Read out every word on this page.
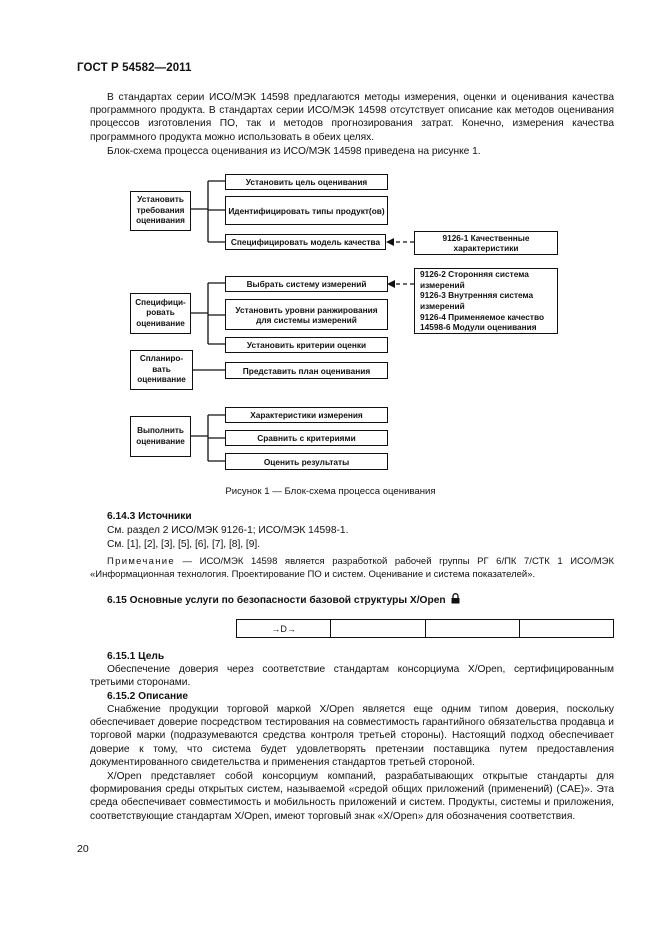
ГОСТ Р 54582—2011
В стандартах серии ИСО/МЭК 14598 предлагаются методы измерения, оценки и оценивания качества программного продукта. В стандартах серии ИСО/МЭК 14598 отсутствует описание как методов оценивания процессов изготовления ПО, так и методов прогнозирования затрат. Конечно, измерения качества программного продукта можно использовать в обеих целях.
Блок-схема процесса оценивания из ИСО/МЭК 14598 приведена на рисунке 1.
Установить требования оценивания
Специфици-ровать оценивание
Спланиро-вать оценивание
Выполнить оценивание
Установить цель оценивания
Идентифицировать типы продукт(ов)
Специфицировать модель качества
Выбрать систему измерений
Установить уровни ранжирования для системы измерений
Установить критерии оценки
Представить план оценивания
Характеристики измерения
Сравнить с критериями
Оценить результаты
9126-1 Качественные характеристики
9126-2 Сторонняя система измерений
9126-3 Внутренняя система измерений
9126-4 Применяемое качество
14598-6 Модули оценивания
Рисунок 1 — Блок-схема процесса оценивания
6.14.3 Источники
См. раздел 2 ИСО/МЭК 9126-1; ИСО/МЭК 14598-1.
См. [1], [2], [3], [5], [6], [7], [8], [9].
Примечание — ИСО/МЭК 14598 является разработкой рабочей группы РГ 6/ПК 7/СТК 1 ИСО/МЭК «Информационная технология. Проектирование ПО и систем. Оценивание и система показателей».
6.15 Основные услуги по безопасности базовой структуры X/Open
→D→
6.15.1 Цель
Обеспечение доверия через соответствие стандартам консорциума X/Open, сертифицированным третьими сторонами.
6.15.2 Описание
Снабжение продукции торговой маркой X/Open является еще одним типом доверия, поскольку обеспечивает доверие посредством тестирования на совместимость гарантийного обязательства продавца и торговой марки (подразумеваются средства контроля третьей стороны). Настоящий подход обеспечивает доверие к тому, что система будет удовлетворять претензии поставщика путем предоставления документированного свидетельства и применения стандартов третьей стороной.
X/Open представляет собой консорциум компаний, разрабатывающих открытые стандарты для формирования среды открытых систем, называемой «средой общих приложений (применений) (CAE)». Эта среда обеспечивает совместимость и мобильность приложений и систем. Продукты, системы и приложения, соответствующие стандартам X/Open, имеют торговый знак «X/Open» для обозначения соответствия.
20
